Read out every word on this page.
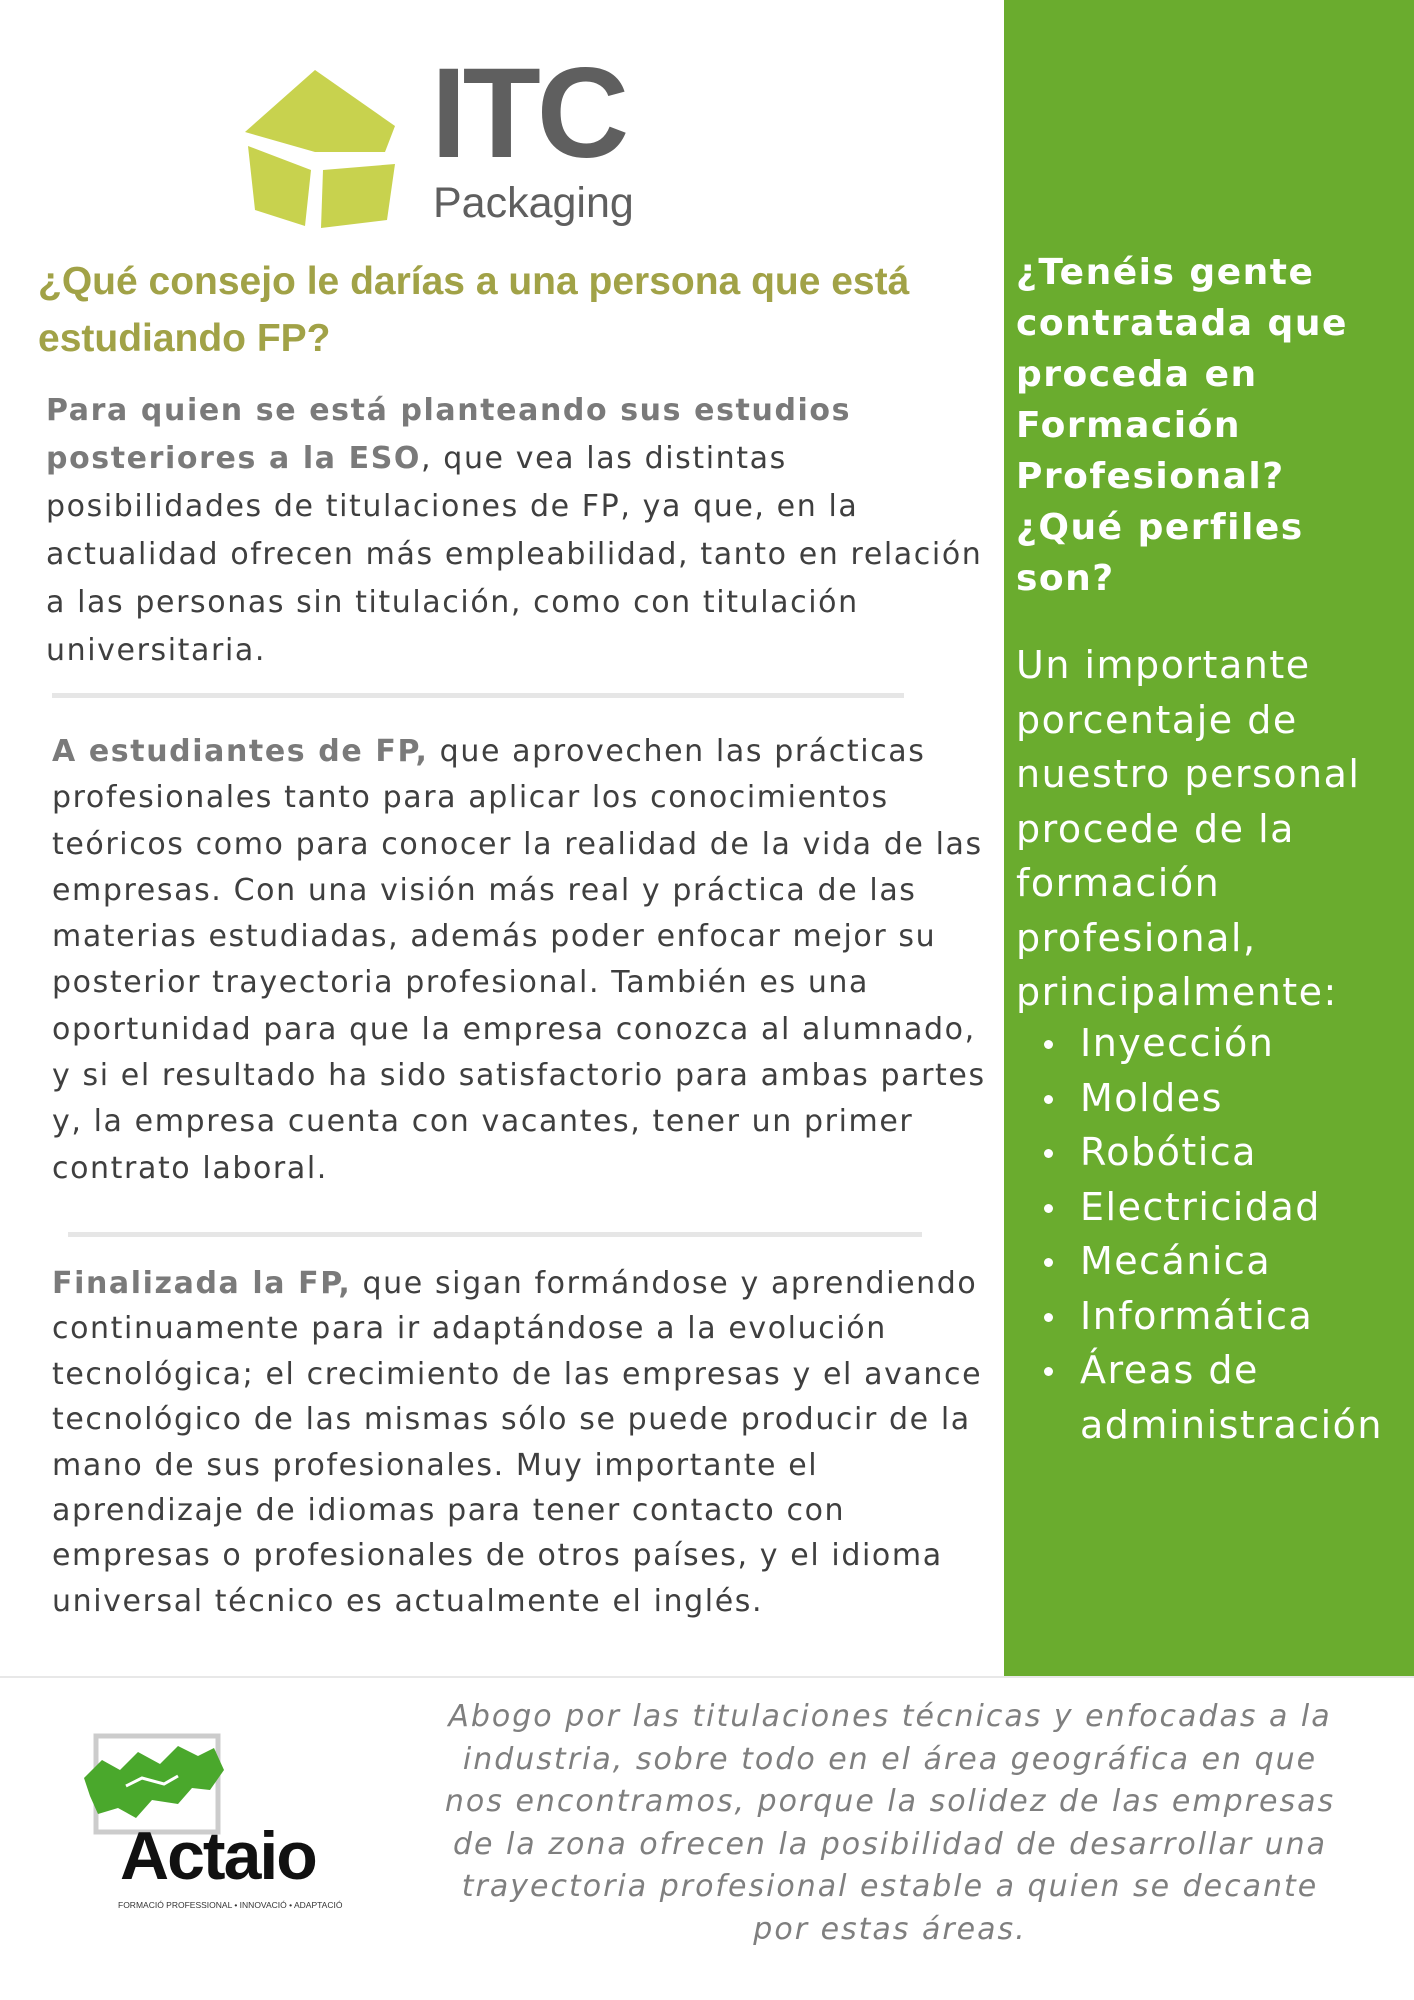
ITC
Packaging
¿Qué consejo le darías a una persona que está estudiando FP?
Para quien se está planteando sus estudios posteriores a la ESO, que vea las distintas posibilidades de titulaciones de FP, ya que, en la actualidad ofrecen más empleabilidad, tanto en relación a las personas sin titulación, como con titulación universitaria.
A estudiantes de FP, que aprovechen las prácticas profesionales tanto para aplicar los conocimientos teóricos como para conocer la realidad de la vida de las empresas. Con una visión más real y práctica de las materias estudiadas, además poder enfocar mejor su posterior trayectoria profesional. También es una oportunidad para que la empresa conozca al alumnado, y si el resultado ha sido satisfactorio para ambas partes y, la empresa cuenta con vacantes, tener un primer contrato laboral.
Finalizada la FP, que sigan formándose y aprendiendo continuamente para ir adaptándose a la evolución tecnológica; el crecimiento de las empresas y el avance tecnológico de las mismas sólo se puede producir de la mano de sus profesionales. Muy importante el aprendizaje de idiomas para tener contacto con empresas o profesionales de otros países, y el idioma universal técnico es actualmente el inglés.
¿Tenéis gente contratada que proceda en Formación Profesional? ¿Qué perfiles son?
Un importante porcentaje de nuestro personal procede de la formación profesional, principalmente:
Inyección
Moldes
Robótica
Electricidad
Mecánica
Informática
Áreas de administración
Actaio
FORMACIÓ PROFESSIONAL • INNOVACIÓ • ADAPTACIÓ
Abogo por las titulaciones técnicas y enfocadas a la industria, sobre todo en el área geográfica en que nos encontramos, porque la solidez de las empresas de la zona ofrecen la posibilidad de desarrollar una trayectoria profesional estable a quien se decante por estas áreas.
